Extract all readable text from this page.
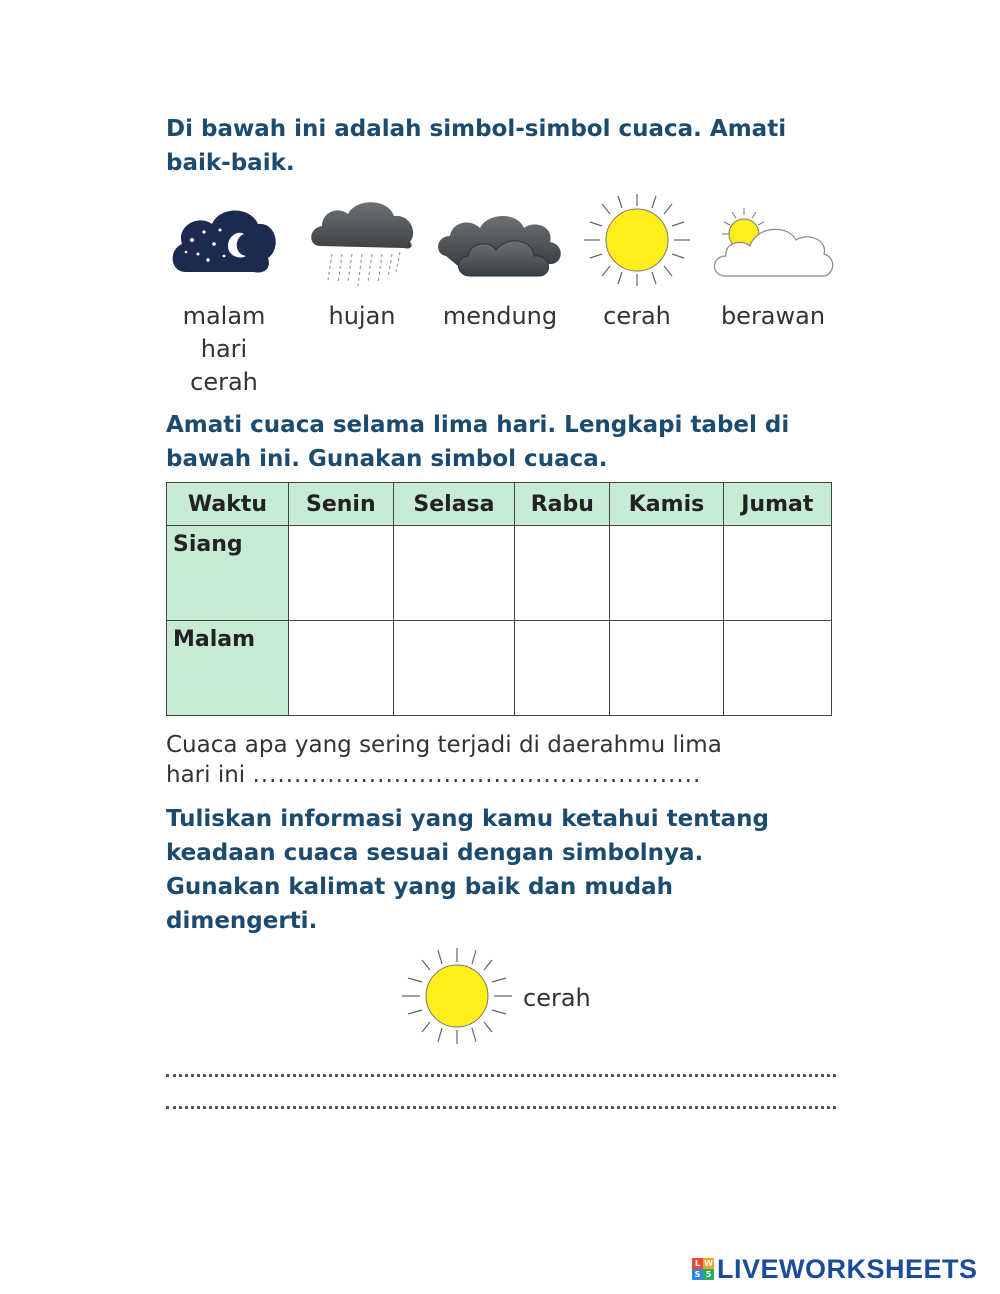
Di bawah ini adalah simbol-simbol cuaca. Amati
baik-baik.

malam
hari
cerah
hujan	mendung	cerah	berawan

Amati cuaca selama lima hari. Lengkapi tabel di
bawah ini. Gunakan simbol cuaca.

Waktu	Senin	Selasa	Rabu	Kamis	Jumat
Siang					
Malam					
Cuaca apa yang sering terjadi di daerahmu lima
hari ini ......................................................

Tuliskan informasi yang kamu ketahui tentang
keadaan cuaca sesuai dengan simbolnya.
Gunakan kalimat yang baik dan mudah
dimengerti.

cerah
L W
S 5 LIVEWORKSHEETS
